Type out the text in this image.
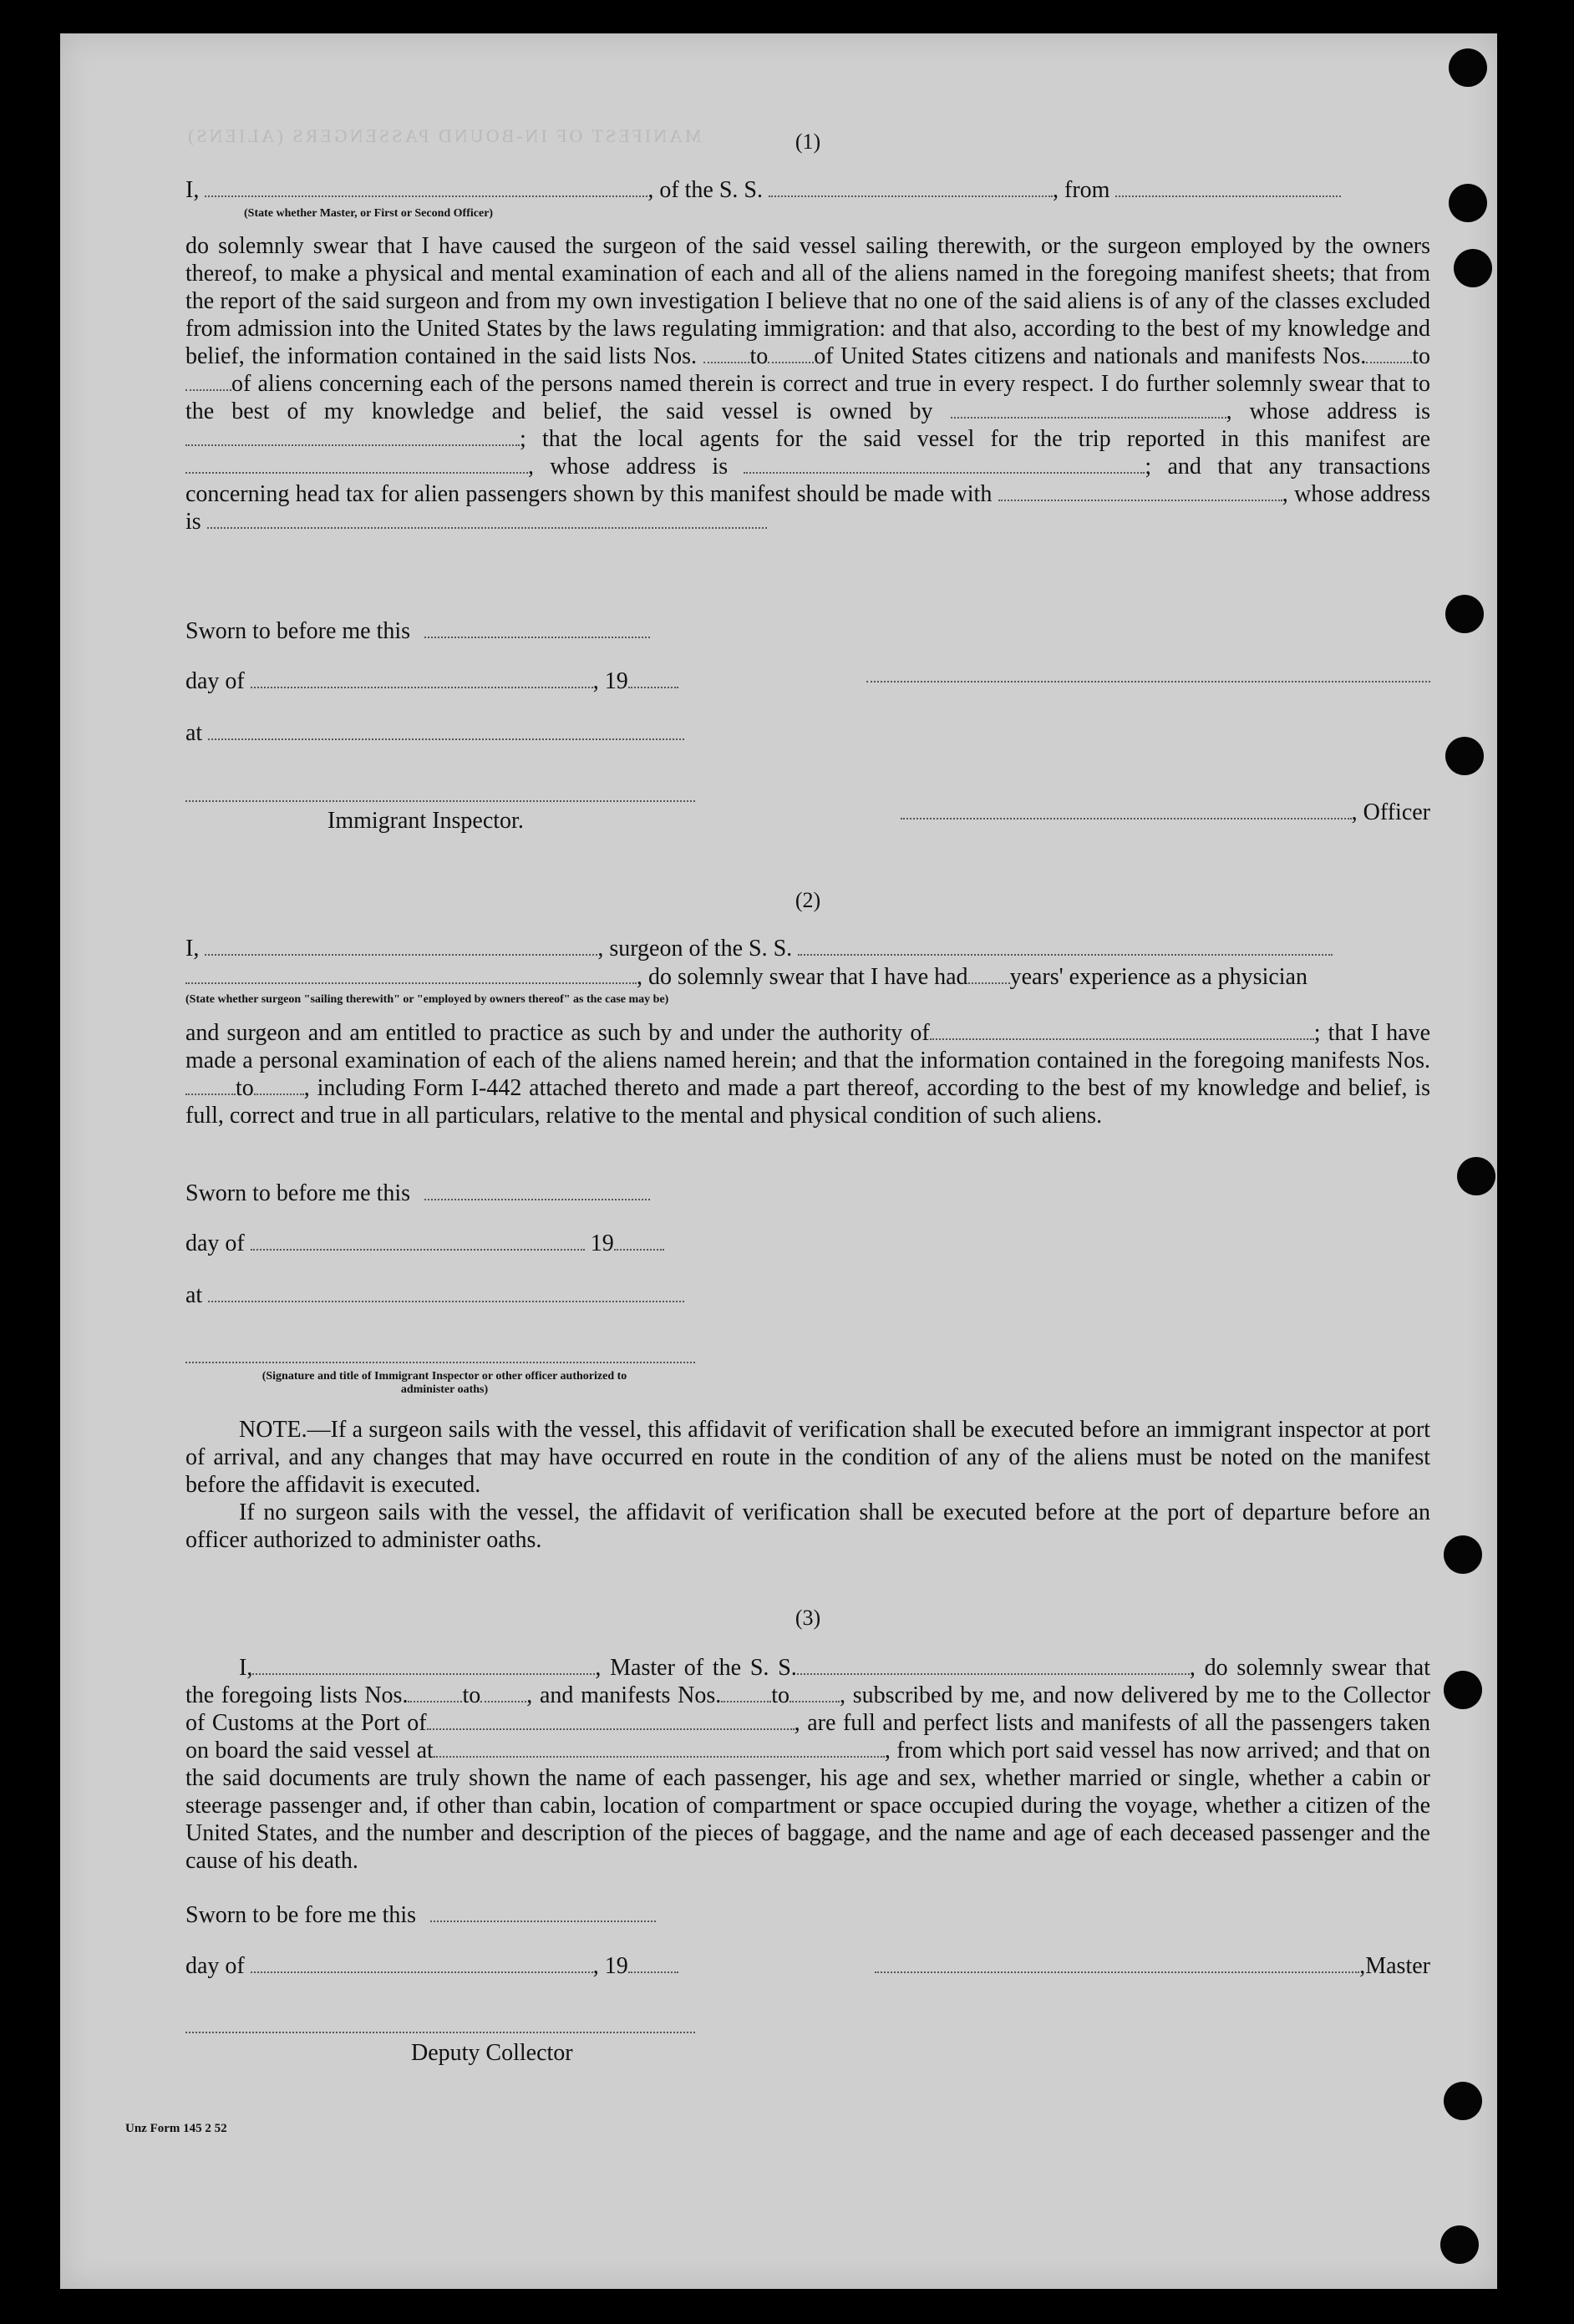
MANIFEST OF IN-BOUND PASSENGERS (ALIENS)	(1)
I,	, of the S. S.	, from
(State whether Master, or First or Second Officer)
do solemnly swear that I have caused the surgeon of the said vessel sailing therewith, or the surgeon employed by the owners thereof, to make a physical and mental examination of each and all of the aliens named in the foregoing manifest sheets; that from the report of the said surgeon and from my own investigation I believe that no one of the said aliens is of any of the classes excluded from admission into the United States by the laws regulating immigration: and that also, according to the best of my knowledge and belief, the information contained in the said lists Nos. to of United States citizens and nationals and manifests Nos. toof aliens concerning each of the persons named therein is correct and true in every respect. I do further solemnly swear that to the best of my knowledge and belief, the said vessel is owned by	, whose address is ; that the local agents for the said vessel for the trip reported in this manifest are , whose address is	; and that any transactions concerning head tax for alien passengers shown by this manifest should be made with	, whose address is
Sworn to before me this
day of	, 19
at
Immigrant Inspector.	, Officer
(2)
I,	, surgeon of the S. S.
, do solemnly swear that I have had years' experience as a physician
(State whether surgeon "sailing therewith" or "employed by owners thereof" as the case may be)
and surgeon and am entitled to practice as such by and under the authority of	; that I have made a personal examination of each of the aliens named herein; and that the information contained in the foregoing manifests Nos.to , including Form I-442 attached thereto and made a part thereof, according to the best of my knowledge and belief, is full, correct and true in all particulars, relative to the mental and physical condition of such aliens.
Sworn to before me this
day of	19
at
(Signature and title of Immigrant Inspector or other officer authorized to administer oaths)
NOTE.—If a surgeon sails with the vessel, this affidavit of verification shall be executed before an immigrant inspector at port of arrival, and any changes that may have occurred en route in the condition of any of the aliens must be noted on the manifest before the affidavit is executed.
If no surgeon sails with the vessel, the affidavit of verification shall be executed before at the port of departure before an officer authorized to administer oaths.
(3)
I,	, Master of the S. S.	, do solemnly swear that the foregoing lists Nos. to , and manifests Nos. to , subscribed by me, and now delivered by me to the Collector of Customs at the Port of	, are full and perfect lists and manifests of all the passengers taken on board the said vessel at	, from which port said vessel has now arrived; and that on the said documents are truly shown the name of each passenger, his age and sex, whether married or single, whether a cabin or steerage passenger and, if other than cabin, location of compartment or space occupied during the voyage, whether a citizen of the United States, and the number and description of the pieces of baggage, and the name and age of each deceased passenger and the cause of his death.
Sworn to be fore me this
day of	, 19	,Master
Deputy Collector
Unz Form 145 2 52
